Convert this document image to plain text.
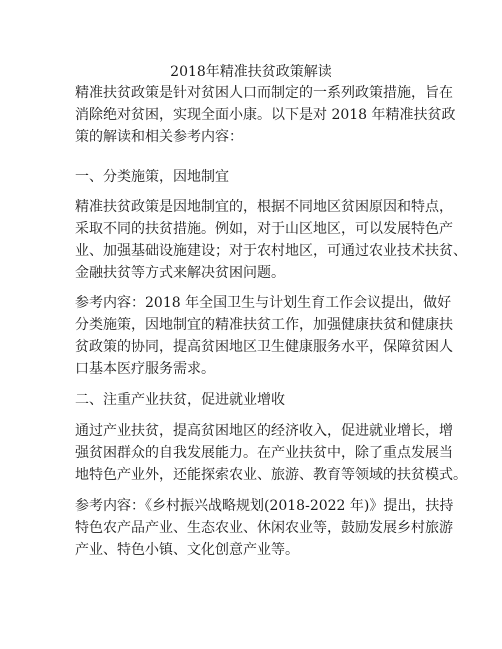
2018年精准扶贫政策解读
精准扶贫政策是针对贫困人口而制定的一系列政策措施，旨在
消除绝对贫困，实现全面小康。以下是对 2018 年精准扶贫政
策的解读和相关参考内容：
一、分类施策，因地制宜
精准扶贫政策是因地制宜的，根据不同地区贫困原因和特点，
采取不同的扶贫措施。例如，对于山区地区，可以发展特色产
业、加强基础设施建设；对于农村地区，可通过农业技术扶贫、
金融扶贫等方式来解决贫困问题。
参考内容：2018 年全国卫生与计划生育工作会议提出，做好
分类施策，因地制宜的精准扶贫工作，加强健康扶贫和健康扶
贫政策的协同，提高贫困地区卫生健康服务水平，保障贫困人
口基本医疗服务需求。
二、注重产业扶贫，促进就业增收
通过产业扶贫，提高贫困地区的经济收入，促进就业增长，增
强贫困群众的自我发展能力。在产业扶贫中，除了重点发展当
地特色产业外，还能探索农业、旅游、教育等领域的扶贫模式。
参考内容：《乡村振兴战略规划(2018-2022 年)》提出，扶持
特色农产品产业、生态农业、休闲农业等，鼓励发展乡村旅游
产业、特色小镇、文化创意产业等。
